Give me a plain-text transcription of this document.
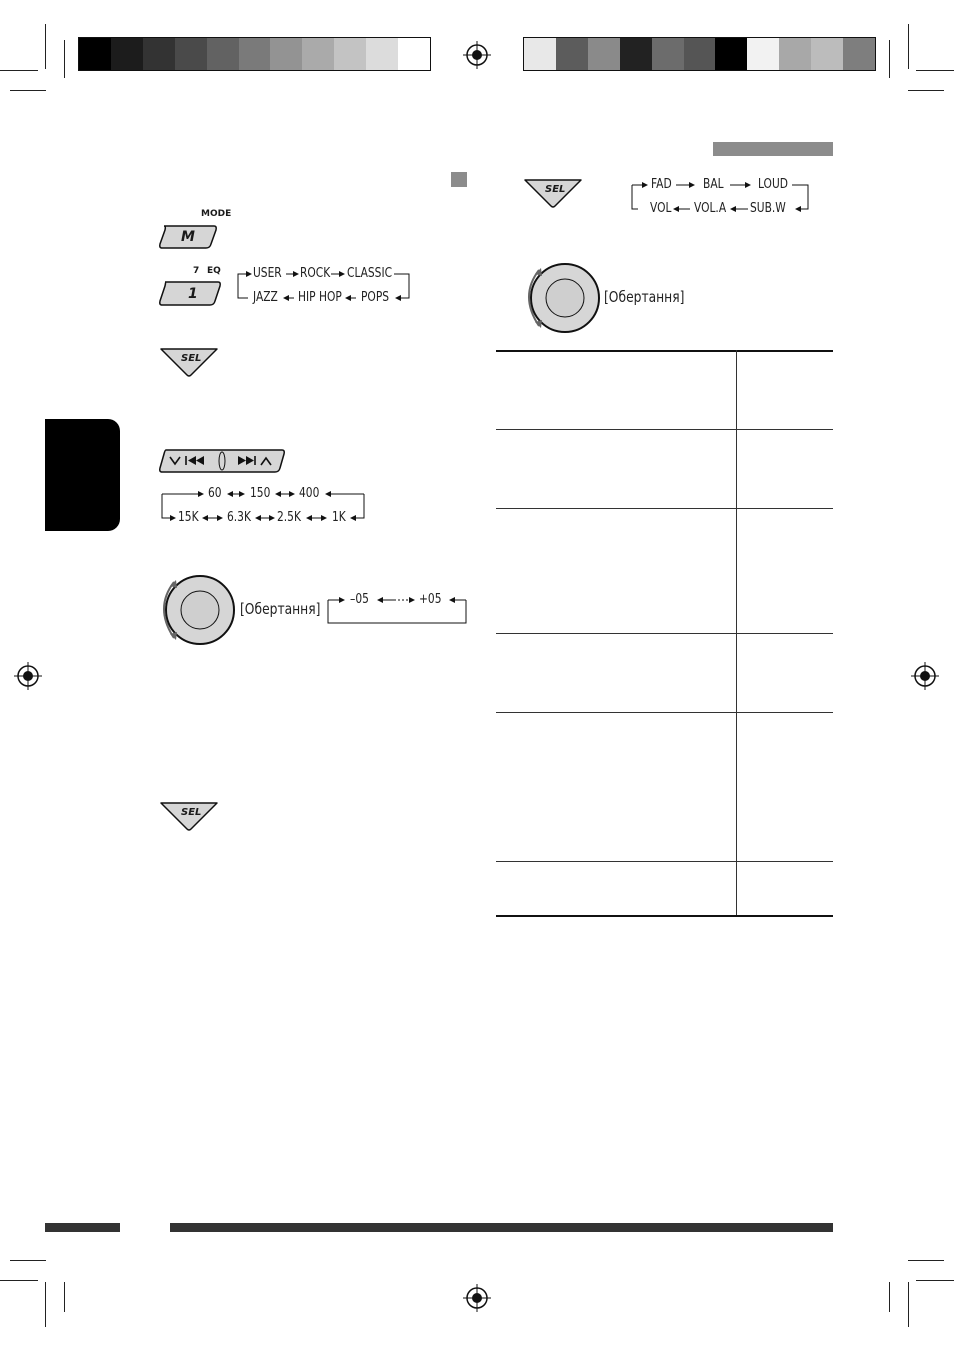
MODE
M
7 EQ
1
USER ROCK CLASSIC
JAZZ HIP HOP POPS
SEL
60 150 400
15K 6.3K 2.5K 1K
[Обертання]
–05	+05
SEL
SEL	FAD BAL	LOUD
VOL VOL.A SUB.W
[Обертання]
